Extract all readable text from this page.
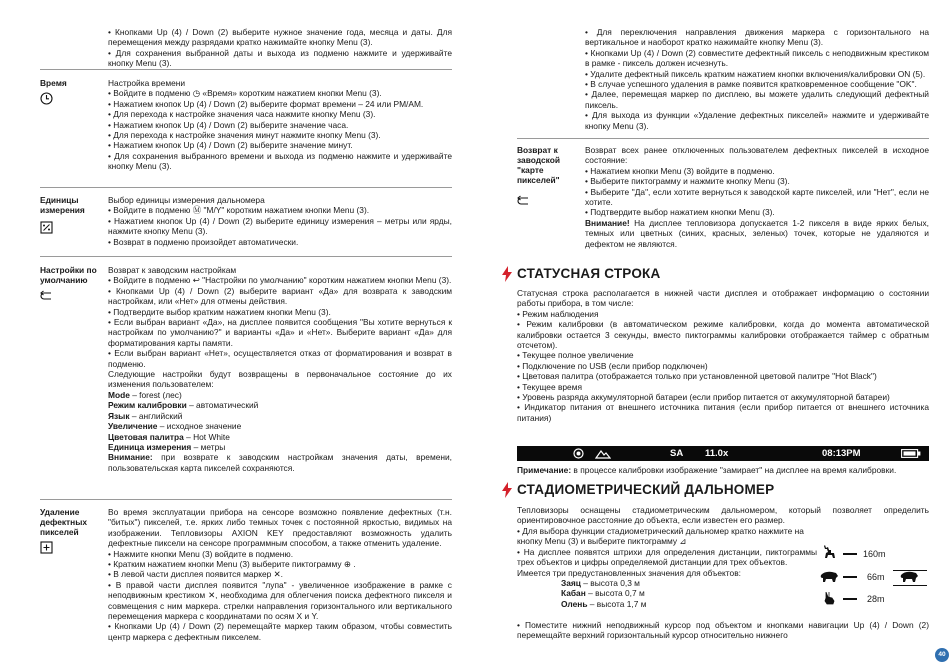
• Кнопками Up (4) / Down (2) выберите нужное значение года, месяца и даты. Для перемещения между разрядами кратко нажимайте кнопку Menu (3).
• Для сохранения выбранной даты и выхода из подменю нажмите и удерживайте кнопку Menu (3).
Время	Настройка времени
• Войдите в подменю ◷ «Время» коротким нажатием кнопки Menu (3).
• Нажатием кнопок Up (4) / Down (2) выберите формат времени – 24 или PM/AM.
• Для перехода к настройке значения часа нажмите кнопку Menu (3).
• Нажатием кнопок Up (4) / Down (2) выберите значение часа.
• Для перехода к настройке значения минут нажмите кнопку Menu (3).
• Нажатием кнопок Up (4) / Down (2) выберите значение минут.
• Для сохранения выбранного времени и выхода из подменю нажмите и удерживайте кнопку Menu (3).
Единицы измерения
Выбор единицы измерения дальномера
• Войдите в подменю Ⓜ "M/Y" коротким нажатием кнопки Menu (3).
• Нажатием кнопок Up (4) / Down (2) выберите единицу измерения – метры или ярды, нажмите кнопку Menu (3).
• Возврат в подменю произойдет автоматически.
Настройки по умолчанию
Возврат к заводским настройкам
• Войдите в подменю ↩ "Настройки по умолчанию" коротким нажатием кнопки Menu (3).
• Кнопками Up (4) / Down (2) выберите вариант «Да» для возврата к заводским настройкам, или «Нет» для отмены действия.
• Подтвердите выбор кратким нажатием кнопки Menu (3).
• Если выбран вариант «Да», на дисплее появится сообщения "Вы хотите вернуться к настройкам по умолчанию?" и варианты «Да» и «Нет». Выберите вариант «Да» для форматирования карты памяти.
• Если выбран вариант «Нет», осуществляется отказ от форматирования и возврат в подменю.
Следующие настройки будут возвращены в первоначальное состояние до их изменения пользователем:
Mode – forest (лес)
Режим калибровки – автоматический
Язык – английский
Увеличение – исходное значение
Цветовая палитра – Hot White
Единица измерения – метры
Внимание: при возврате к заводским настройкам значения даты, времени, пользовательская карта пикселей сохраняются.
Удаление дефектных пикселей
Во время эксплуатации прибора на сенсоре возможно появление дефектных (т.н. "битых") пикселей, т.е. ярких либо темных точек с постоянной яркостью, видимых на изображении. Тепловизоры AXION KEY предоставляют возможность удалить дефектные пиксели на сенсоре программным способом, а также отменить удаление.
• Нажмите кнопки Menu (3) войдите в подменю.
• Кратким нажатием кнопки Menu (3) выберите пиктограмму ⊕ .
• В левой части дисплея появится маркер ✕.
• В правой части дисплея появится "лупа" - увеличенное изображение в рамке с неподвижным крестиком ✕, необходима для облегчения поиска дефектного пикселя и совмещения с ним маркера. стрелки направления горизонтального или вертикального перемещения маркера с координатами по осям X и Y.
• Кнопками Up (4) / Down (2) перемещайте маркер таким образом, чтобы совместить центр маркера с дефектным пикселем.
• Для переключения направления движения маркера с горизонтального на вертикальное и наоборот кратко нажимайте кнопку Menu (3).
• Кнопками Up (4) / Down (2) совместите дефектный пиксель с неподвижным крестиком в рамке - пиксель должен исчезнуть.
• Удалите дефектный пиксель кратким нажатием кнопки включения/калибровки ON (5).
• В случае успешного удаления в рамке появится кратковременное сообщение "OK".
• Далее, перемещая маркер по дисплею, вы можете удалить следующий дефектный пиксель.
• Для выхода из функции «Удаление дефектных пикселей» нажмите и удерживайте кнопку Menu (3).
Возврат к заводской "карте пикселей"
Возврат всех ранее отключенных пользователем дефектных пикселей в исходное состояние:
• Нажатием кнопки Menu (3) войдите в подменю.
• Выберите пиктограмму и нажмите кнопку Menu (3).
• Выберите "Да", если хотите вернуться к заводской карте пикселей, или "Нет", если не хотите.
• Подтвердите выбор нажатием кнопки Menu (3).
Внимание! На дисплее тепловизора допускается 1-2 пикселя в виде ярких белых, темных или цветных (синих, красных, зеленых) точек, которые не удаляются и дефектом не являются.
СТАТУСНАЯ СТРОКА
Статусная строка располагается в нижней части дисплея и отображает информацию о состоянии работы прибора, в том числе:
• Режим наблюдения
• Режим калибровки (в автоматическом режиме калибровки, когда до момента автоматической калибровки остается 3 секунды, вместо пиктограммы калибровки отображается таймер с обратным отсчетом).
• Текущее полное увеличение
• Подключение по USB (если прибор подключен)
• Цветовая палитра (отображается только при установленной цветовой палитре "Hot Black")
• Текущее время
• Уровень разряда аккумуляторной батареи (если прибор питается от аккумуляторной батареи)
• Индикатор питания от внешнего источника питания (если прибор питается от внешнего источника питания)
SA 11.0x	08:13PM
Примечание: в процессе калибровки изображение "замирает" на дисплее на время калибровки.
СТАДИОМЕТРИЧЕСКИЙ ДАЛЬНОМЕР
Тепловизоры оснащены стадиометрическим дальномером, который позволяет определить ориентировочное расстояние до объекта, если известен его размер.
• Для выбора функции стадиометрический дальномер кратко нажмите на кнопку Menu (3) и выберите пиктограмму ⊿
• На дисплее появятся штрихи для определения дистанции, пиктограммы трех объектов и цифры определяемой дистанции для трех объектов.
Имеется три предустановленных значения для объектов:
Заяц – высота 0,3 м
Кабан – высота 0,7 м
Олень – высота 1,7 м
• Поместите нижний неподвижный курсор под объектом и кнопками навигации Up (4) / Down (2) перемещайте верхний горизонтальный курсор относительно нижнего
160m
66m
28m
40
